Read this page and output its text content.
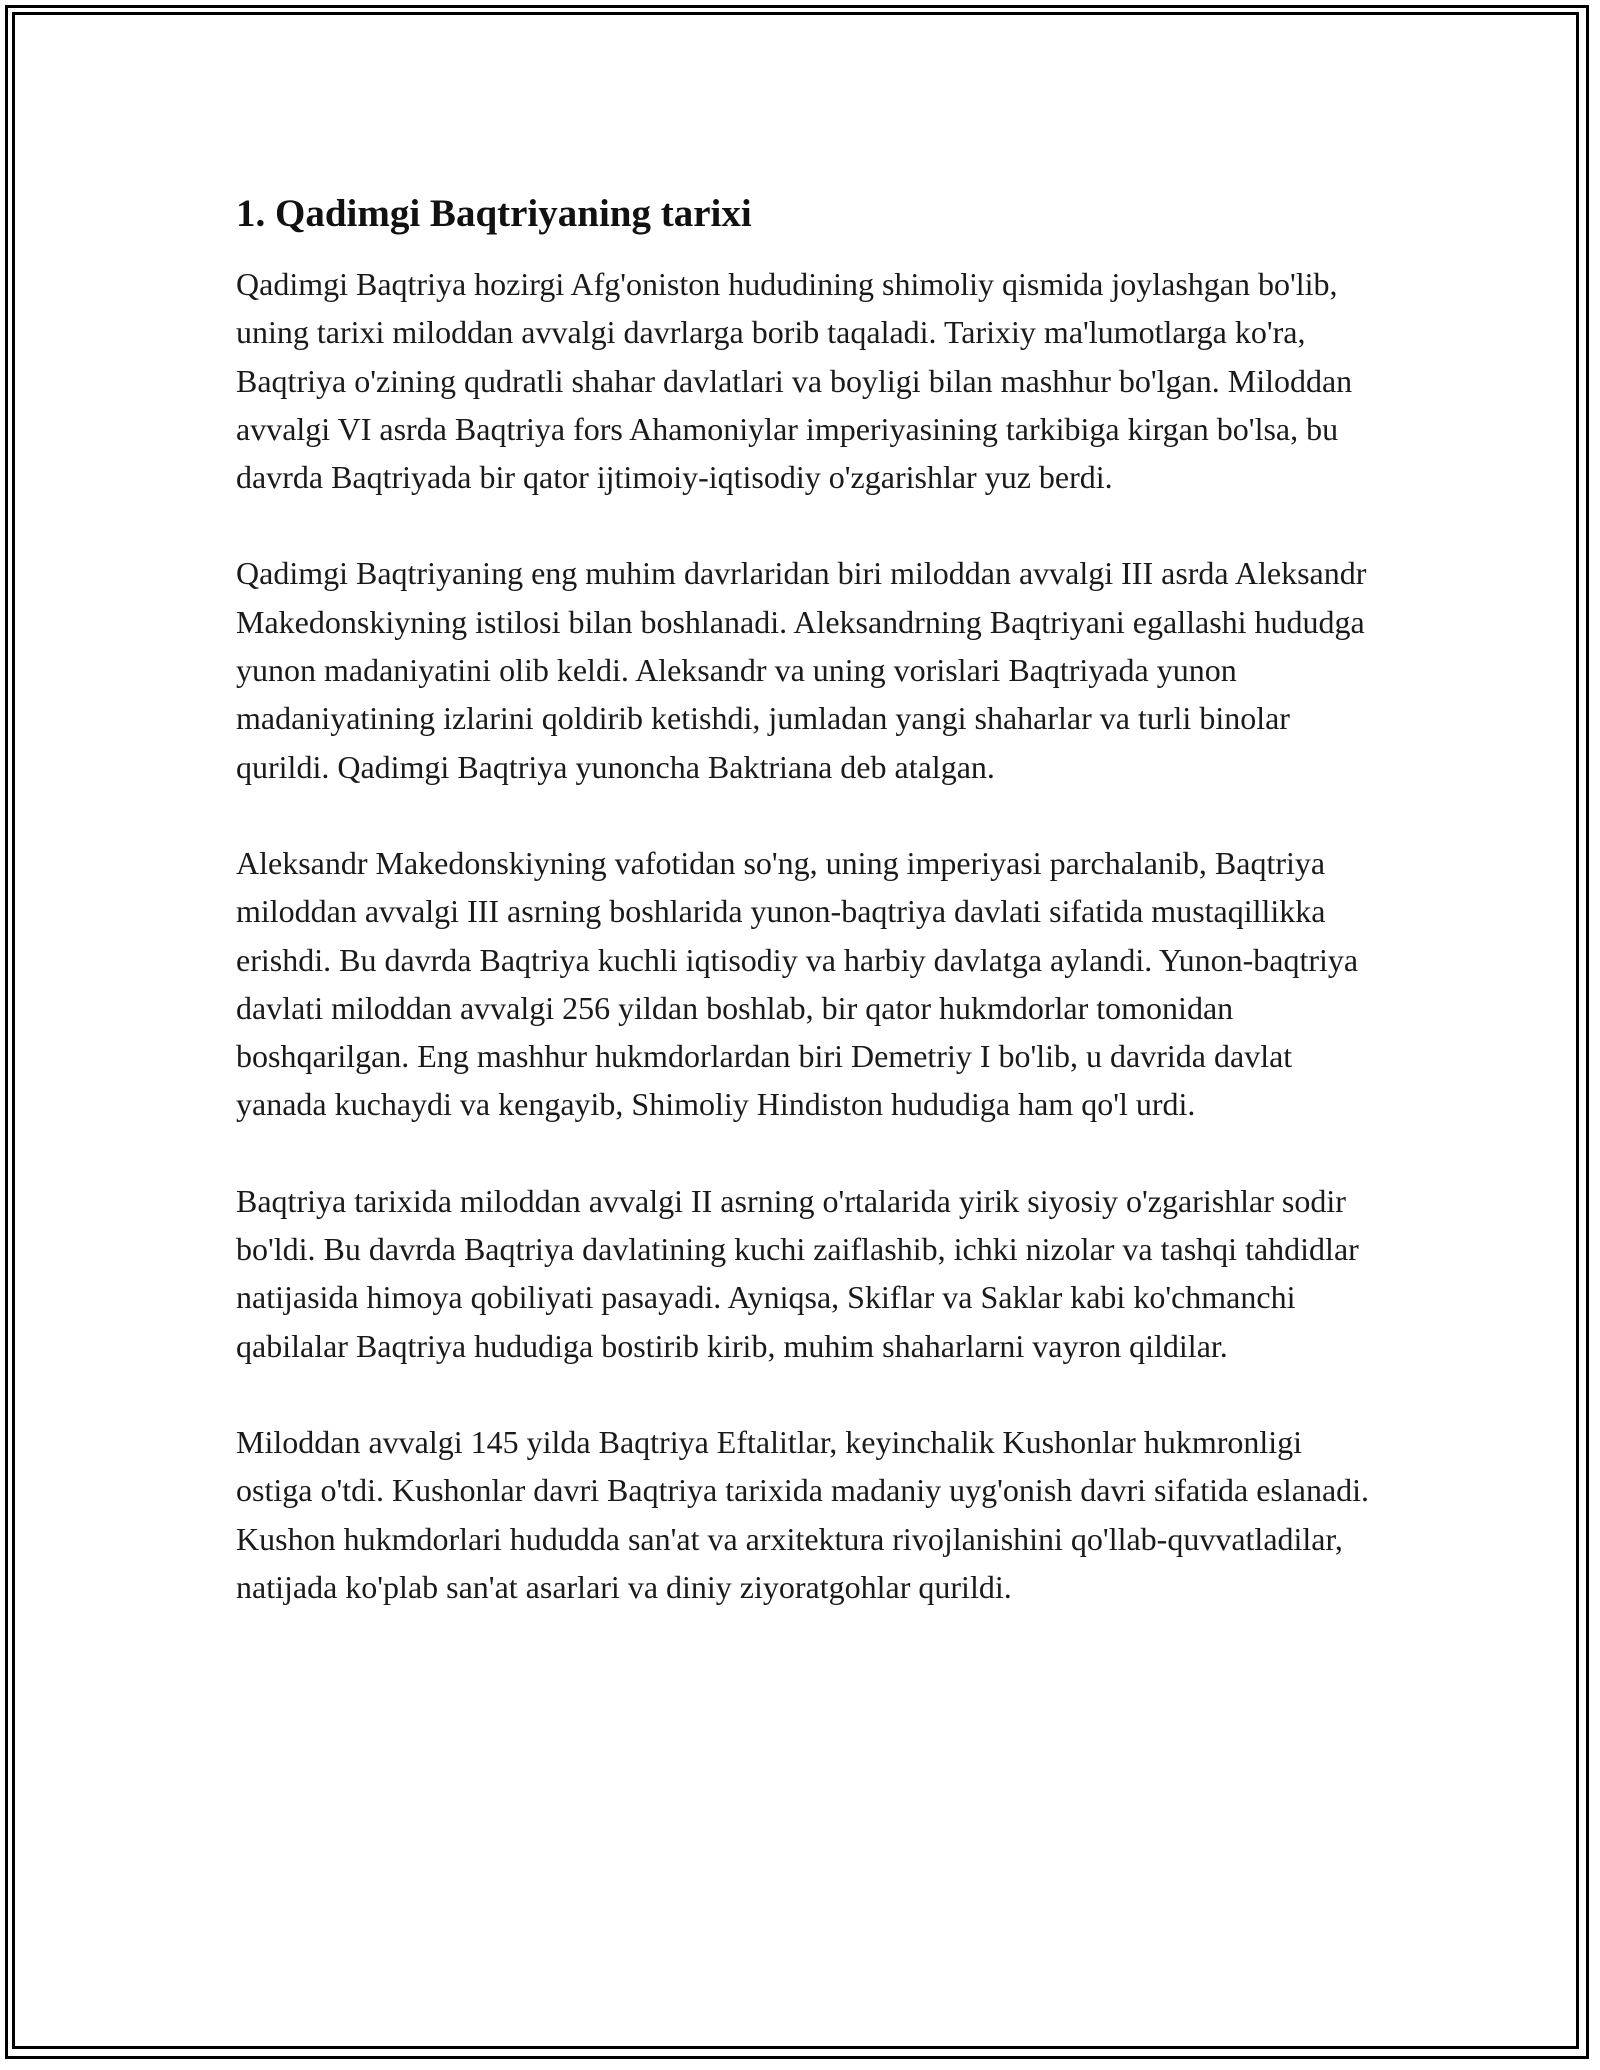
1. Qadimgi Baqtriyaning tarixi

Qadimgi Baqtriya hozirgi Afg'oniston hududining shimoliy qismida joylashgan bo'lib, uning tarixi miloddan avvalgi davrlarga borib taqaladi. Tarixiy ma'lumotlarga ko'ra, Baqtriya o'zining qudratli shahar davlatlari va boyligi bilan mashhur bo'lgan. Miloddan avvalgi VI asrda Baqtriya fors Ahamoniylar imperiyasining tarkibiga kirgan bo'lsa, bu davrda Baqtriyada bir qator ijtimoiy-iqtisodiy o'zgarishlar yuz berdi.

Qadimgi Baqtriyaning eng muhim davrlaridan biri miloddan avvalgi III asrda Aleksandr Makedonskiyning istilosi bilan boshlanadi. Aleksandrning Baqtriyani egallashi hududga yunon madaniyatini olib keldi. Aleksandr va uning vorislari Baqtriyada yunon madaniyatining izlarini qoldirib ketishdi, jumladan yangi shaharlar va turli binolar qurildi. Qadimgi Baqtriya yunoncha Baktriana deb atalgan.

Aleksandr Makedonskiyning vafotidan so'ng, uning imperiyasi parchalanib, Baqtriya miloddan avvalgi III asrning boshlarida yunon-baqtriya davlati sifatida mustaqillikka erishdi. Bu davrda Baqtriya kuchli iqtisodiy va harbiy davlatga aylandi. Yunon-baqtriya davlati miloddan avvalgi 256 yildan boshlab, bir qator hukmdorlar tomonidan boshqarilgan. Eng mashhur hukmdorlardan biri Demetriy I bo'lib, u davrida davlat yanada kuchaydi va kengayib, Shimoliy Hindiston hududiga ham qo'l urdi.

Baqtriya tarixida miloddan avvalgi II asrning o'rtalarida yirik siyosiy o'zgarishlar sodir bo'ldi. Bu davrda Baqtriya davlatining kuchi zaiflashib, ichki nizolar va tashqi tahdidlar natijasida himoya qobiliyati pasayadi. Ayniqsa, Skiflar va Saklar kabi ko'chmanchi qabilalar Baqtriya hududiga bostirib kirib, muhim shaharlarni vayron qildilar.

Miloddan avvalgi 145 yilda Baqtriya Eftalitlar, keyinchalik Kushonlar hukmronligi ostiga o'tdi. Kushonlar davri Baqtriya tarixida madaniy uyg'onish davri sifatida eslanadi. Kushon hukmdorlari hududda san'at va arxitektura rivojlanishini qo'llab-quvvatladilar, natijada ko'plab san'at asarlari va diniy ziyoratgohlar qurildi.
